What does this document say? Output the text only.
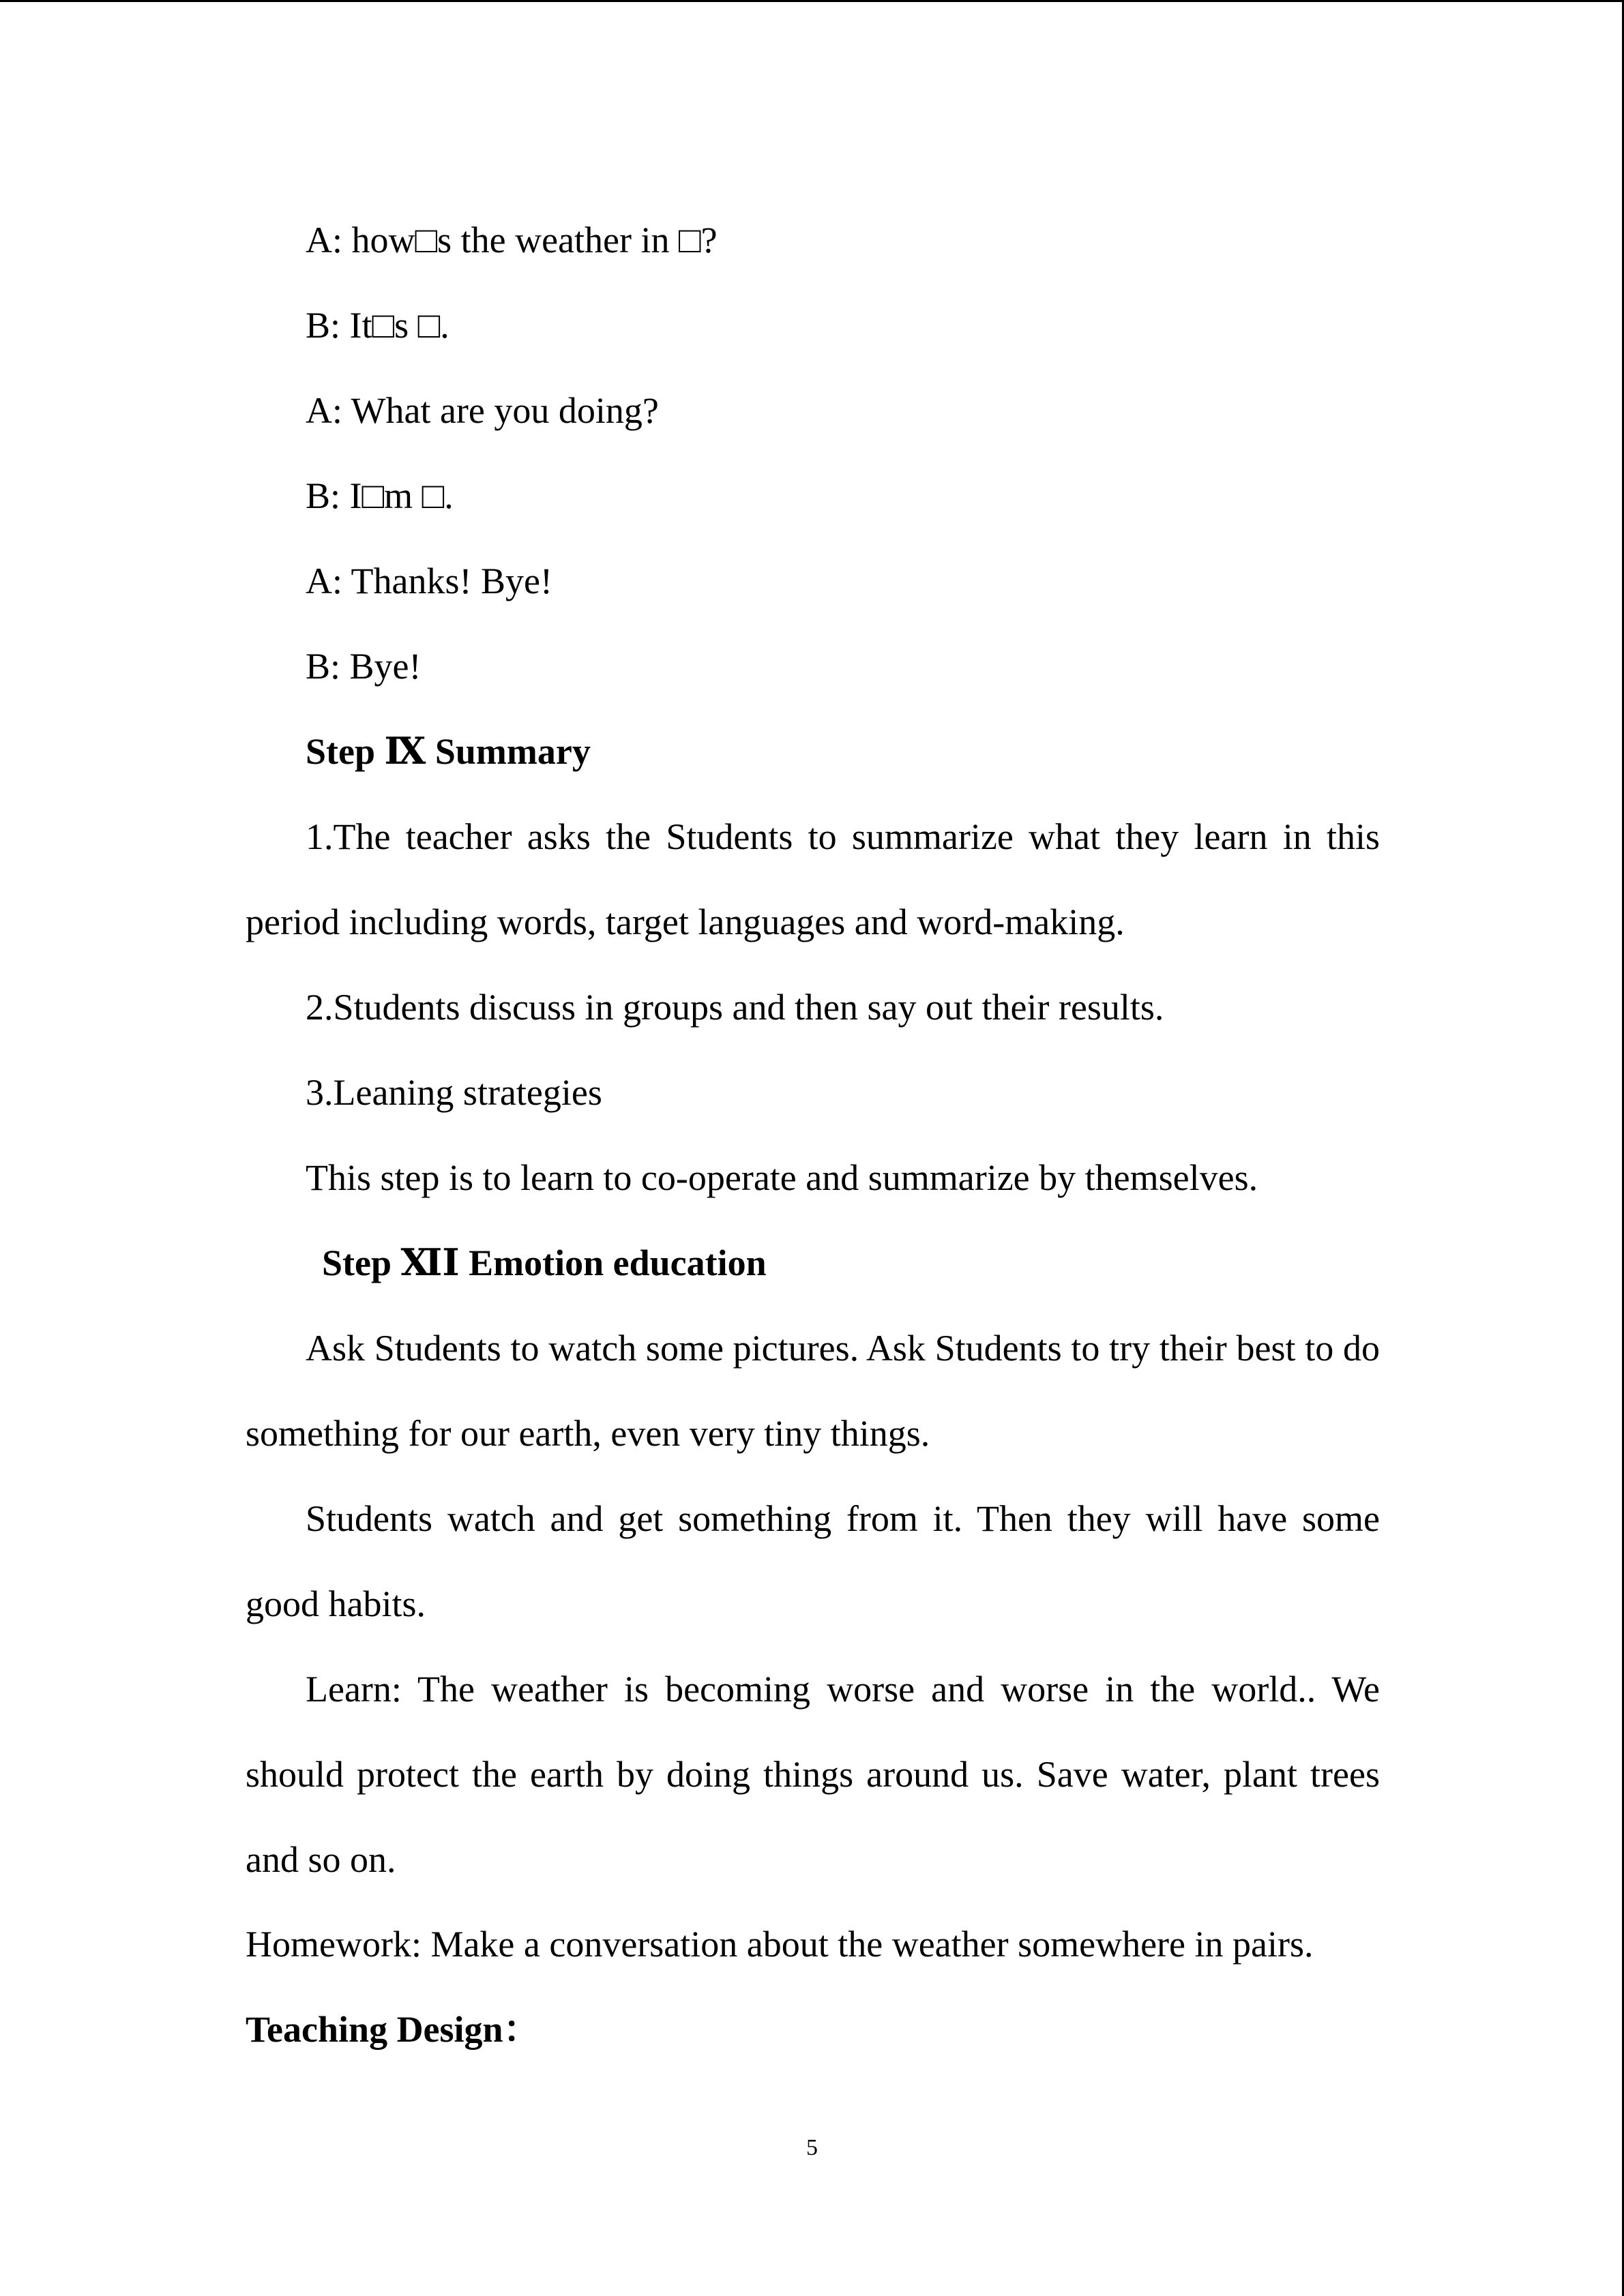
A: how□s the weather in □?
B: It□s □.
A: What are you doing?
B: I□m □.
A: Thanks! Bye!
B: Bye!
Step Ⅸ Summary
1.The teacher asks the Students to summarize what they learn in this period including words, target languages and word-making.
2.Students discuss in groups and then say out their results.
3.Leaning strategies
This step is to learn to co-operate and summarize by themselves.
Step ⅪⅠ Emotion education
Ask Students to watch some pictures. Ask Students to try their best to do something for our earth, even very tiny things.
Students watch and get something from it. Then they will have some good habits.
Learn: The weather is becoming worse and worse in the world.. We should protect the earth by doing things around us. Save water, plant trees and so on.
Homework: Make a conversation about the weather somewhere in pairs.
Teaching Design：
5
